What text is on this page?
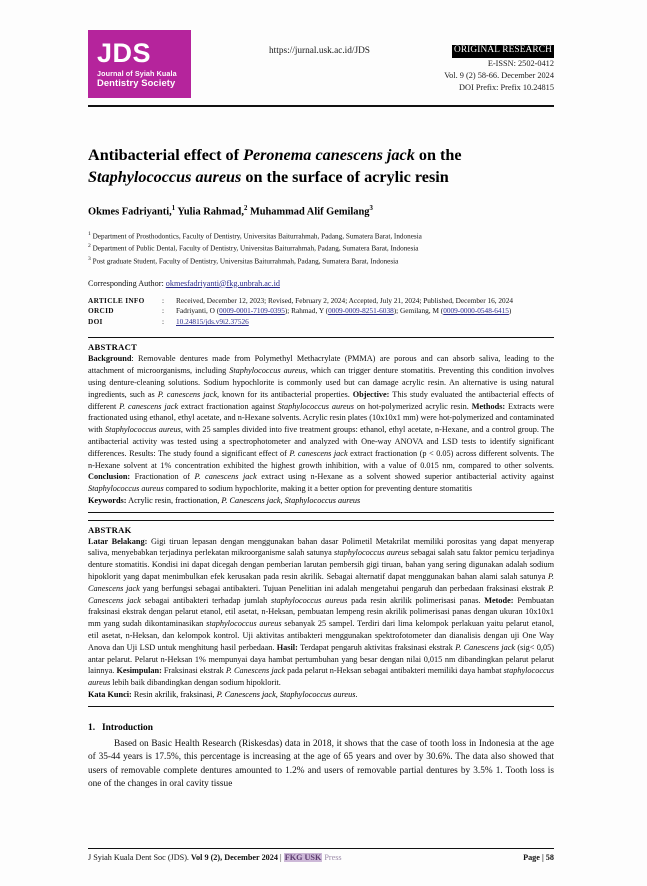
JDS
Journal of Syiah Kuala
Dentistry Society
https://jurnal.usk.ac.id/JDS	ORIGINAL RESEARCH
E-ISSN: 2502-0412
Vol. 9 (2) 58-66. December 2024
DOI Prefix: Prefix 10.24815
Antibacterial effect of Peronema canescens jack on the Staphylococcus aureus on the surface of acrylic resin
Okmes Fadriyanti,$^1$ Yulia Rahmad,$^2$ Muhammad Alif Gemilang$^3$
$^1$ Department of Prosthodontics, Faculty of Dentistry, Universitas Baiturrahmah, Padang, Sumatera Barat, Indonesia
$^2$ Department of Public Dental, Faculty of Dentistry, Universitas Baiturrahmah, Padang, Sumatera Barat, Indonesia
$^3$ Post graduate Student, Faculty of Dentistry, Universitas Baiturrahmah, Padang, Sumatera Barat, Indonesia
Corresponding Author: okmesfadriyanti@fkg.unbrah.ac.id
ARTICLE INFO	:	Received, December 12, 2023; Revised, February 2, 2024; Accepted, July 21, 2024; Published, December 16, 2024
ORCID	:	Fadriyanti, O (0009-0001-7109-0395); Rahmad, Y (0009-0009-8251-6038); Gemilang, M (0009-0000-0548-6415)
DOI	:	10.24815/jds.v9i2.37526
ABSTRACT
Background: Removable dentures made from Polymethyl Methacrylate (PMMA) are porous and can absorb saliva, leading to the attachment of microorganisms, including Staphylococcus aureus, which can trigger denture stomatitis. Preventing this condition involves using denture-cleaning solutions. Sodium hypochlorite is commonly used but can damage acrylic resin. An alternative is using natural ingredients, such as P. canescens jack, known for its antibacterial properties. Objective: This study evaluated the antibacterial effects of different P. canescens jack extract fractionation against Staphylococcus aureus on hot-polymerized acrylic resin. Methods: Extracts were fractionated using ethanol, ethyl acetate, and n-Hexane solvents. Acrylic resin plates (10x10x1 mm) were hot-polymerized and contaminated with Staphylococcus aureus, with 25 samples divided into five treatment groups: ethanol, ethyl acetate, n-Hexane, and a control group. The antibacterial activity was tested using a spectrophotometer and analyzed with One-way ANOVA and LSD tests to identify significant differences. Results: The study found a significant effect of P. canescens jack extract fractionation (p < 0.05) across different solvents. The n-Hexane solvent at 1% concentration exhibited the highest growth inhibition, with a value of 0.015 nm, compared to other solvents. Conclusion: Fractionation of P. canescens jack extract using n-Hexane as a solvent showed superior antibacterial activity against Staphylococcus aureus compared to sodium hypochlorite, making it a better option for preventing denture stomatitis
Keywords: Acrylic resin, fractionation, P. Canescens jack, Staphylococcus aureus
ABSTRAK
Latar Belakang: Gigi tiruan lepasan dengan menggunakan bahan dasar Polimetil Metakrilat memiliki porositas yang dapat menyerap saliva, menyebabkan terjadinya perlekatan mikroorganisme salah satunya staphylococcus aureus sebagai salah satu faktor pemicu terjadinya denture stomatitis. Kondisi ini dapat dicegah dengan pemberian larutan pembersih gigi tiruan, bahan yang sering digunakan adalah sodium hipoklorit yang dapat menimbulkan efek kerusakan pada resin akrilik. Sebagai alternatif dapat menggunakan bahan alami salah satunya P. Canescens jack yang berfungsi sebagai antibakteri. Tujuan Penelitian ini adalah mengetahui pengaruh dan perbedaan fraksinasi ekstrak P. Canescens jack sebagai antibakteri terhadap jumlah staphylococcus aureus pada resin akrilik polimerisasi panas. Metode: Pembuatan fraksinasi ekstrak dengan pelarut etanol, etil asetat, n-Heksan, pembuatan lempeng resin akrilik polimerisasi panas dengan ukuran 10x10x1 mm yang sudah dikontaminasikan staphylococcus aureus sebanyak 25 sampel. Terdiri dari lima kelompok perlakuan yaitu pelarut etanol, etil asetat, n-Heksan, dan kelompok kontrol. Uji aktivitas antibakteri menggunakan spektrofotometer dan dianalisis dengan uji One Way Anova dan Uji LSD untuk menghitung hasil perbedaan. Hasil: Terdapat pengaruh aktivitas fraksinasi ekstrak P. Canescens jack (sig< 0,05) antar pelarut. Pelarut n-Heksan 1% mempunyai daya hambat pertumbuhan yang besar dengan nilai 0,015 nm dibandingkan pelarut pelarut lainnya. Kesimpulan: Fraksinasi ekstrak P. Canescens jack pada pelarut n-Heksan sebagai antibakteri memiliki daya hambat staphylococcus aureus lebih baik dibandingkan dengan sodium hipoklorit.
Kata Kunci: Resin akrilik, fraksinasi, P. Canescens jack, Staphylococcus aureus.
1. Introduction
Based on Basic Health Research (Riskesdas) data in 2018, it shows that the case of tooth loss in Indonesia at the age of 35-44 years is 17.5%, this percentage is increasing at the age of 65 years and over by 30.6%. The data also showed that users of removable complete dentures amounted to 1.2% and users of removable partial dentures by 3.5% 1. Tooth loss is one of the changes in oral cavity tissue
J Syiah Kuala Dent Soc (JDS). Vol 9 (2), December 2024 | FKG USK Press	Page | 58
